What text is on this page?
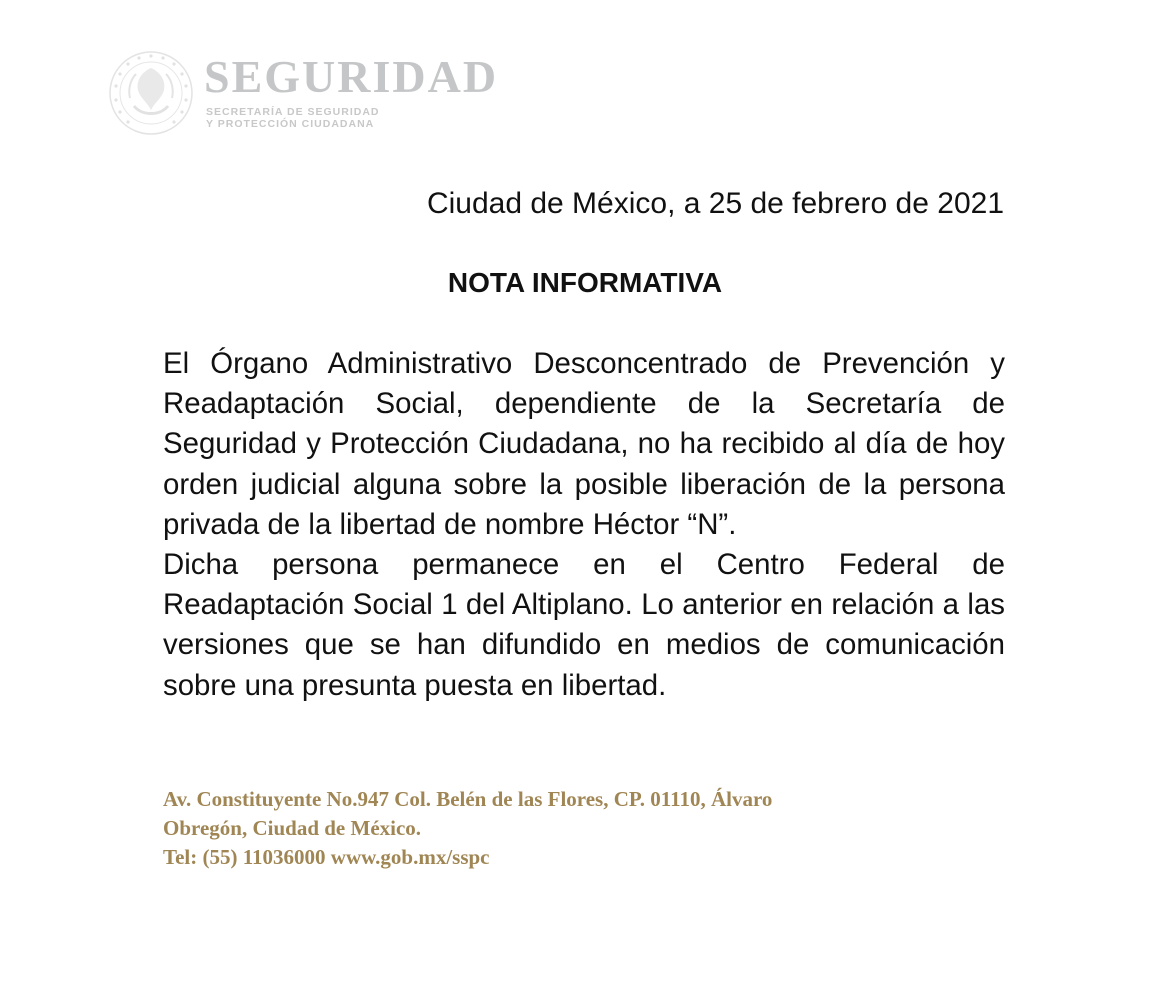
SEGURIDAD
SECRETARÍA DE SEGURIDAD
Y PROTECCIÓN CIUDADANA
Ciudad de México, a 25 de febrero de 2021
NOTA INFORMATIVA

El Órgano Administrativo Desconcentrado de Prevención y Readaptación Social, dependiente de la Secretaría de Seguridad y Protección Ciudadana, no ha recibido al día de hoy orden judicial alguna sobre la posible liberación de la persona privada de la libertad de nombre Héctor “N”.

Dicha persona permanece en el Centro Federal de Readaptación Social 1 del Altiplano. Lo anterior en relación a las versiones que se han difundido en medios de comunicación sobre una presunta puesta en libertad.

Av. Constituyente No.947 Col. Belén de las Flores, CP. 01110, Álvaro
Obregón, Ciudad de México.
Tel: (55) 11036000 www.gob.mx/sspc
